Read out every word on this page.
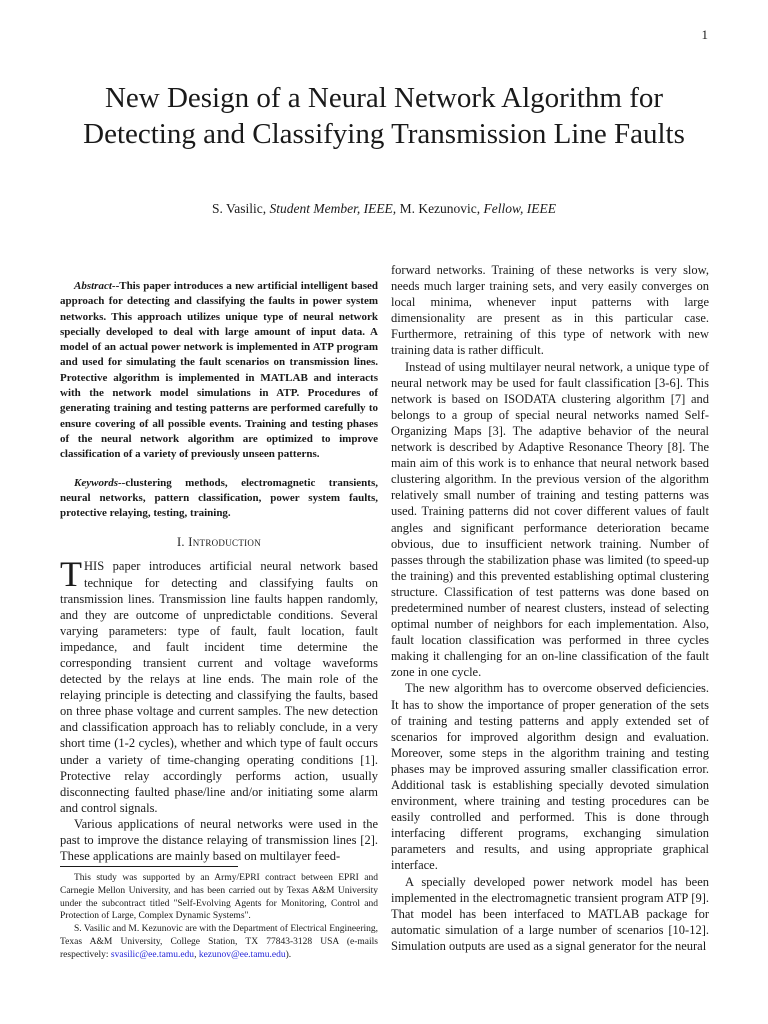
1
New Design of a Neural Network Algorithm for Detecting and Classifying Transmission Line Faults
S. Vasilic, Student Member, IEEE, M. Kezunovic, Fellow, IEEE

Abstract--This paper introduces a new artificial intelligent based approach for detecting and classifying the faults in power system networks. This approach utilizes unique type of neural network specially developed to deal with large amount of input data. A model of an actual power network is implemented in ATP program and used for simulating the fault scenarios on transmission lines. Protective algorithm is implemented in MATLAB and interacts with the network model simulations in ATP. Procedures of generating training and testing patterns are performed carefully to ensure covering of all possible events. Training and testing phases of the neural network algorithm are optimized to improve classification of a variety of previously unseen patterns.

Keywords--clustering methods, electromagnetic transients, neural networks, pattern classification, power system faults, protective relaying, testing, training.

I. Introduction

THIS paper introduces artificial neural network based technique for detecting and classifying faults on transmission lines. Transmission line faults happen randomly, and they are outcome of unpredictable conditions. Several varying parameters: type of fault, fault location, fault impedance, and fault incident time determine the corresponding transient current and voltage waveforms detected by the relays at line ends. The main role of the relaying principle is detecting and classifying the faults, based on three phase voltage and current samples. The new detection and classification approach has to reliably conclude, in a very short time (1-2 cycles), whether and which type of fault occurs under a variety of time-changing operating conditions [1]. Protective relay accordingly performs action, usually disconnecting faulted phase/line and/or initiating some alarm and control signals.

Various applications of neural networks were used in the past to improve the distance relaying of transmission lines [2]. These applications are mainly based on multilayer feed-

forward networks. Training of these networks is very slow, needs much larger training sets, and very easily converges on local minima, whenever input patterns with large dimensionality are present as in this particular case. Furthermore, retraining of this type of network with new training data is rather difficult.

Instead of using multilayer neural network, a unique type of neural network may be used for fault classification [3-6]. This network is based on ISODATA clustering algorithm [7] and belongs to a group of special neural networks named Self-Organizing Maps [3]. The adaptive behavior of the neural network is described by Adaptive Resonance Theory [8]. The main aim of this work is to enhance that neural network based clustering algorithm. In the previous version of the algorithm relatively small number of training and testing patterns was used. Training patterns did not cover different values of fault angles and significant performance deterioration became obvious, due to insufficient network training. Number of passes through the stabilization phase was limited (to speed-up the training) and this prevented establishing optimal clustering structure. Classification of test patterns was done based on predetermined number of nearest clusters, instead of selecting optimal number of neighbors for each implementation. Also, fault location classification was performed in three cycles making it challenging for an on-line classification of the fault zone in one cycle.

The new algorithm has to overcome observed deficiencies. It has to show the importance of proper generation of the sets of training and testing patterns and apply extended set of scenarios for improved algorithm design and evaluation. Moreover, some steps in the algorithm training and testing phases may be improved assuring smaller classification error. Additional task is establishing specially devoted simulation environment, where training and testing procedures can be easily controlled and performed. This is done through interfacing different programs, exchanging simulation parameters and results, and using appropriate graphical interface.

A specially developed power network model has been implemented in the electromagnetic transient program ATP [9]. That model has been interfaced to MATLAB package for automatic simulation of a large number of scenarios [10-12]. Simulation outputs are used as a signal generator for the neural

This study was supported by an Army/EPRI contract between EPRI and Carnegie Mellon University, and has been carried out by Texas A&M University under the subcontract titled "Self-Evolving Agents for Monitoring, Control and Protection of Large, Complex Dynamic Systems".

S. Vasilic and M. Kezunovic are with the Department of Electrical Engineering, Texas A&M University, College Station, TX 77843-3128 USA (e-mails respectively: svasilic@ee.tamu.edu, kezunov@ee.tamu.edu).
